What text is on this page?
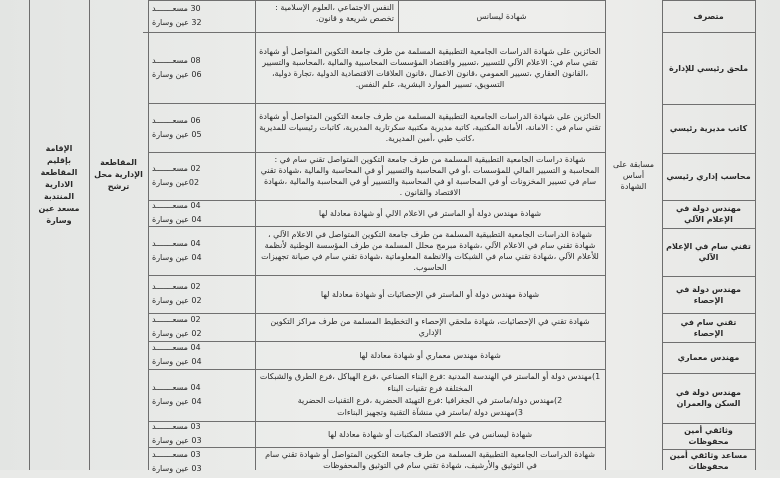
الإقامة بإقليم المقاطعة الادارية المنتدبة مسعد عين وسارة
المقاطعة الإدارية محل ترشح
مسابقة على أساس الشهادة
30 مسعـــــــد
32 عين وسارة
النفس الاجتماعي ،العلوم الإسلامية : تخصص شريعة و قانون.	شهادة ليسانس	متصرف
08 مسعـــــــد
06 عين وسارة
الحائزين على شهادة الدراسات الجامعية التطبيقية المسلمة من طرف جامعة التكوين المتواصل أو شهادة تقني سام في: الاعلام الآلي للتسيير ،تسيير واقتصاد المؤسسات المحاسبية والمالية ،المحاسبة والتسيير ،القانون العقاري ،تسيير العمومي ،قانون الاعمال ،قانون العلاقات الاقتصادية الدولية ،تجارة دولية، التسويق، تسيير الموارد البشرية، علم النفس.
ملحق رئيسي للإدارة
06 مسعـــــــد
05 عين وسارة
الحائزين على شهادة الدراسات الجامعية التطبيقية المسلمة من طرف جامعة التكوين المتواصل أو شهادة تقني سام في : الامانة، الأمانة المكتبية، كاتبة مديرية مكتبية سكرتارية المديرية، كاتبات رئيسيات للمديرية ،كاتب طبي ،أمين المديرية.
كاتب مديرية رئيسي
02 مسعـــــــد
02عين وسارة
شهادة دراسات الجامعية التطبيقية المسلمة من طرف جامعة التكوين المتواصل تقني سام في : المحاسبة و التسيير المالي للمؤسسات ،أو في المحاسبة والتسيير أو في المحاسبة والمالية ،شهادة تقني سام في تسيير المخزونات أو في المحاسبة او في المحاسبة والتسيير أو في المحاسبة والمالية ،شهادة الاقتصاد والقانون .
محاسب إداري رئيسي
04 مسعـــــــد
04 عين وسارة
شهادة مهندس دولة أو الماستر في الاعلام الالي أو شهادة معادلة لها	مهندس دولة في الإعلام الآلي
04 مسعـــــــد
04 عين وسارة
شهادة الدراسات الجامعية التطبيقية المسلمة من طرف جامعة التكوين المتواصل في الاعلام الآلي ، شهادة تقني سام في الاعلام الآلي ،شهادة مبرمج محلل المسلمة من طرف المؤسسة الوطنية لأنظمة للأعلام الآلي ،شهادة تقني سام في الشبكات والانظمة المعلوماتية ،شهادة تقني سام في صيانة تجهيزات الحاسوب.
تقني سام في الإعلام الآلي
02 مسعـــــــد
02 عين وسارة
شهادة مهندس دولة أو الماستر في الإحصائيات أو شهادة معادلة لها
مهندس دولة في الإحصاء
02 مسعـــــــد
02 عين وسارة
شهادة تقني في الإحصائيات، شهادة ملحقي الإحصاء و التخطيط المسلمة من طرف مراكز التكوين الإداري
تقني سام في الإحصاء
04 مسعـــــــد
04 عين وسارة
شهادة مهندس معماري أو شهادة معادلة لها	مهندس معماري
04 مسعـــــــد
04 عين وسارة
1)مهندس دولة أو الماستر في الهندسة المدنية :فرع البناء الصناعي ،فرع الهياكل ،فرع الطرق والشبكات المختلفة فرع تقنيات البناء
2)مهندس دولة/ماستر في الجغرافيا :فرع التهيئة الحضرية ،فرع التقنيات الحضرية
3)مهندس دولة /ماستر في منشآة التقنية وتجهيز البناءات
مهندس دولة في السكن والعمران
03 مسعـــــــد
03 عين وسارة
شهادة ليسانس في علم الاقتصاد المكتبات أو شهادة معادلة لها	وثائقي أمين محفوظات
03 مسعـــــــد
03 عين وسارة
شهادة الدراسات الجامعية التطبيقية المسلمة من طرف جامعة التكوين المتواصل أو شهادة تقني سام في التوثيق والأرشيف، شهادة تقني سام في التوثيق والمحفوظات
مساعد وثائقي أمين محفوظات
